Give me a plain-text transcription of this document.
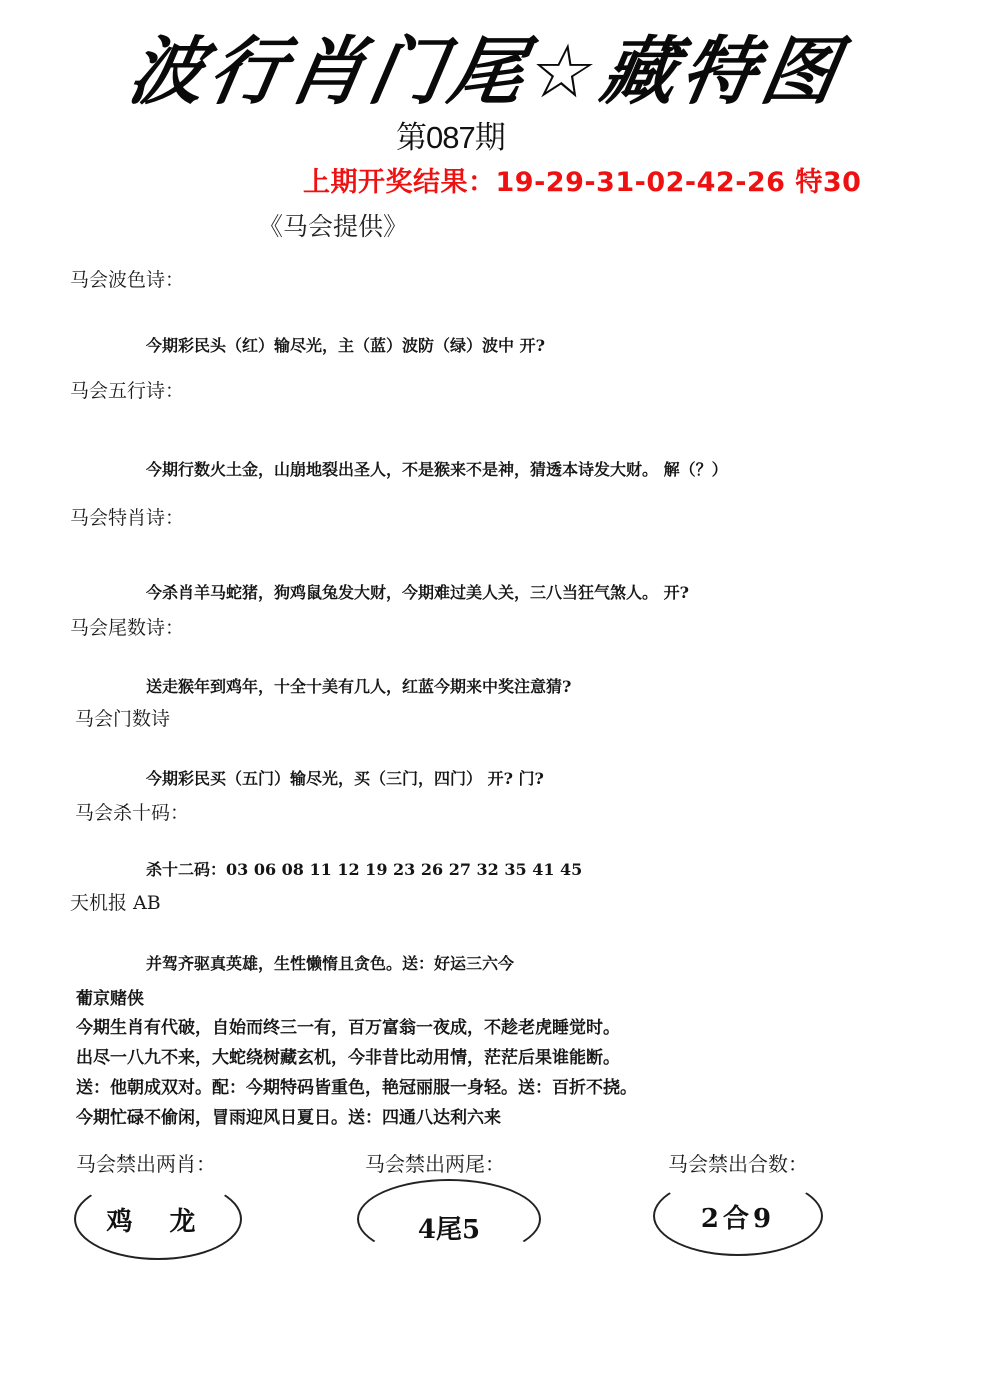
波行肖门尾☆藏特图
第087期
上期开奖结果：19-29-31-02-42-26 特30
《马会提供》
马会波色诗：
今期彩民头（红）输尽光，主（蓝）波防（绿）波中 开?
马会五行诗：
今期行数火土金，山崩地裂出圣人，不是猴来不是神，猜透本诗发大财。 解（？）
马会特肖诗：
今杀肖羊马蛇猪，狗鸡鼠兔发大财，今期难过美人关，三八当狂气煞人。 开?
马会尾数诗：
送走猴年到鸡年，十全十美有几人，红蓝今期来中奖注意猜?
马会门数诗
今期彩民买（五门）输尽光，买（三门，四门） 开? 门?
马会杀十码：
杀十二码：03 06 08 11 12 19 23 26 27 32 35 41 45
天机报 AB
并驾齐驱真英雄，生性懒惰且贪色。送：好运三六今
葡京赌侠
今期生肖有代破，自始而终三一有，百万富翁一夜成，不趁老虎睡觉时。
出尽一八九不来，大蛇绕树藏玄机，今非昔比动用情，茫茫后果谁能断。
送：他朝成双对。配：今期特码皆重色，艳冠丽服一身轻。送：百折不挠。
今期忙碌不偷闲，冒雨迎风日夏日。送：四通八达利六来
马会禁出两肖：
鸡 龙
马会禁出两尾：
4尾5
马会禁出合数：
2合9
